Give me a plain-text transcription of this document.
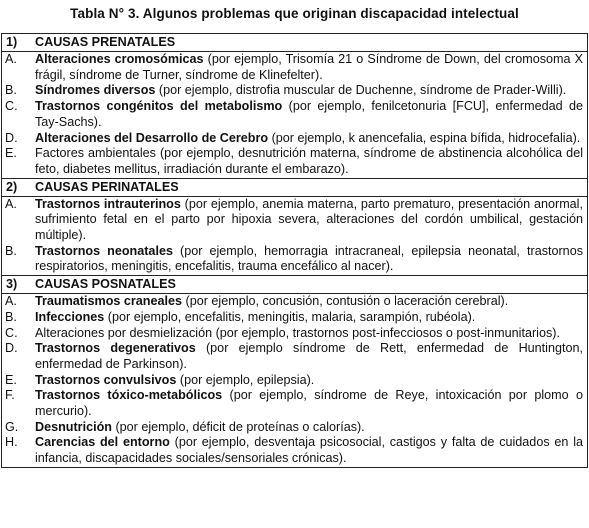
Tabla N° 3. Algunos problemas que originan discapacidad intelectual
1) CAUSAS PRENATALES
A. Alteraciones cromosómicas (por ejemplo, Trisomía 21 o Síndrome de Down, del cromosoma X frágil, síndrome de Turner, síndrome de Klinefelter).
B. Síndromes diversos (por ejemplo, distrofia muscular de Duchenne, síndrome de Prader-Willi).
C. Trastornos congénitos del metabolismo (por ejemplo, fenilcetonuria [FCU], enfermedad de Tay-Sachs).
D. Alteraciones del Desarrollo de Cerebro (por ejemplo, k anencefalia, espina bífida, hidrocefalia).
E. Factores ambientales (por ejemplo, desnutrición materna, síndrome de abstinencia alcohólica del feto, diabetes mellitus, irradiación durante el embarazo).
2) CAUSAS PERINATALES
A. Trastornos intrauterinos (por ejemplo, anemia materna, parto prematuro, presentación anormal, sufrimiento fetal en el parto por hipoxia severa, alteraciones del cordón umbilical, gestación múltiple).
B. Trastornos neonatales (por ejemplo, hemorragia intracraneal, epilepsia neonatal, trastornos respiratorios, meningitis, encefalitis, trauma encefálico al nacer).
3) CAUSAS POSNATALES
A. Traumatismos craneales (por ejemplo, concusión, contusión o laceración cerebral).
B. Infecciones (por ejemplo, encefalitis, meningitis, malaria, sarampión, rubéola).
C. Alteraciones por desmielización (por ejemplo, trastornos post-infecciosos o post-inmunitarios).
D. Trastornos degenerativos (por ejemplo síndrome de Rett, enfermedad de Huntington, enfermedad de Parkinson).
E. Trastornos convulsivos (por ejemplo, epilepsia).
F. Trastornos tóxico-metabólicos (por ejemplo, síndrome de Reye, intoxicación por plomo o mercurio).
G. Desnutrición (por ejemplo, déficit de proteínas o calorías).
H. Carencias del entorno (por ejemplo, desventaja psicosocial, castigos y falta de cuidados en la infancia, discapacidades sociales/sensoriales crónicas).
